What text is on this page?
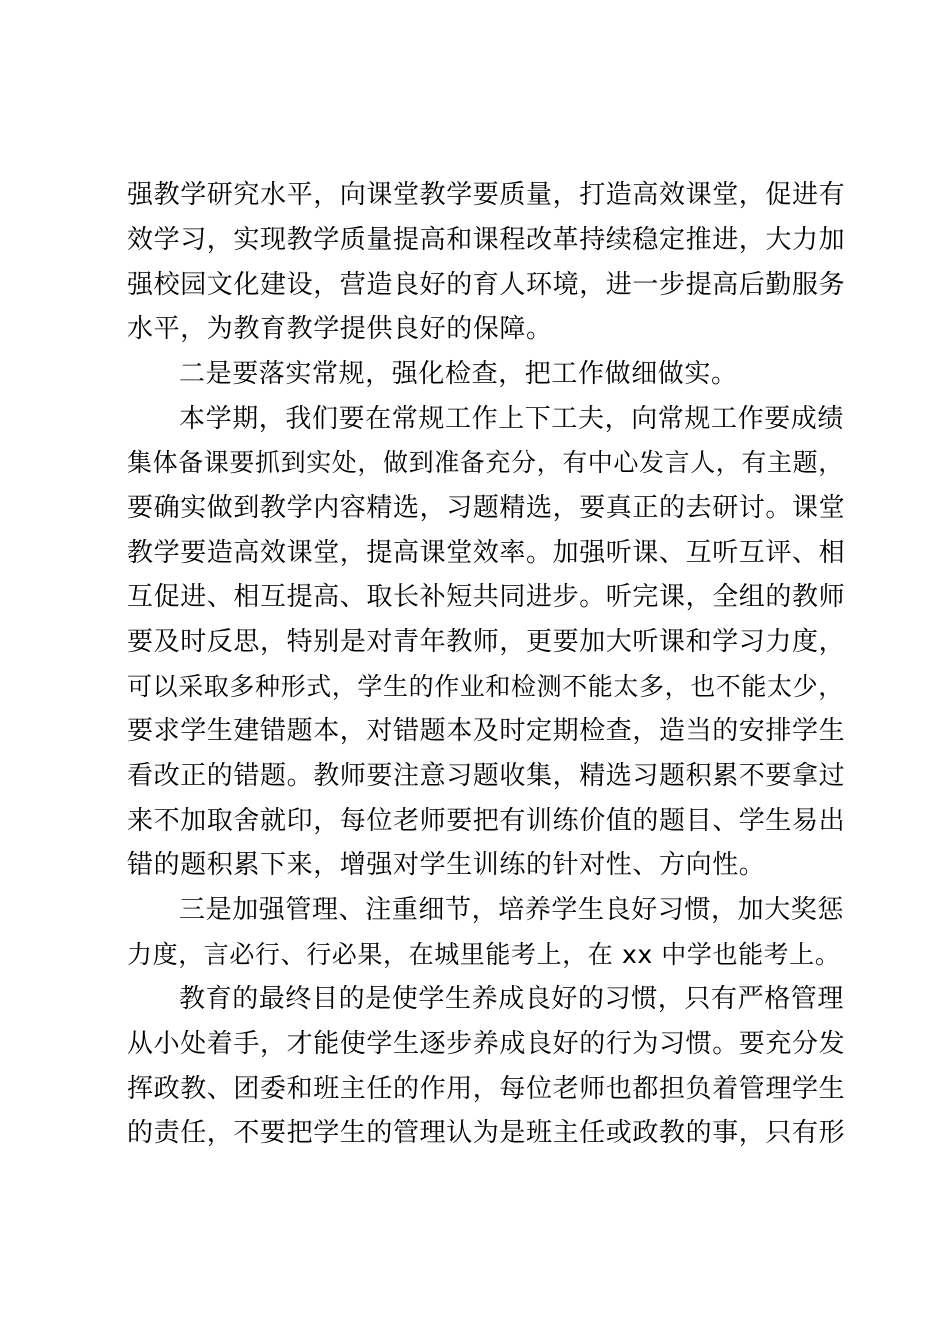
强教学研究水平，向课堂教学要质量，打造高效课堂，促进有
效学习，实现教学质量提高和课程改革持续稳定推进，大力加
强校园文化建设，营造良好的育人环境，进一步提高后勤服务
水平，为教育教学提供良好的保障。
二是要落实常规，强化检查，把工作做细做实。
本学期，我们要在常规工作上下工夫，向常规工作要成绩
集体备课要抓到实处，做到准备充分，有中心发言人，有主题，
要确实做到教学内容精选，习题精选，要真正的去研讨。课堂
教学要造高效课堂，提高课堂效率。加强听课、互听互评、相
互促进、相互提高、取长补短共同进步。听完课，全组的教师
要及时反思，特别是对青年教师，更要加大听课和学习力度，
可以采取多种形式，学生的作业和检测不能太多，也不能太少，
要求学生建错题本，对错题本及时定期检查，造当的安排学生
看改正的错题。教师要注意习题收集，精选习题积累不要拿过
来不加取舍就印，每位老师要把有训练价值的题目、学生易出
错的题积累下来，增强对学生训练的针对性、方向性。
三是加强管理、注重细节，培养学生良好习惯，加大奖惩
力度，言必行、行必果，在城里能考上，在 xx 中学也能考上。
教育的最终目的是使学生养成良好的习惯，只有严格管理
从小处着手，才能使学生逐步养成良好的行为习惯。要充分发
挥政教、团委和班主任的作用，每位老师也都担负着管理学生
的责任，不要把学生的管理认为是班主任或政教的事，只有形
